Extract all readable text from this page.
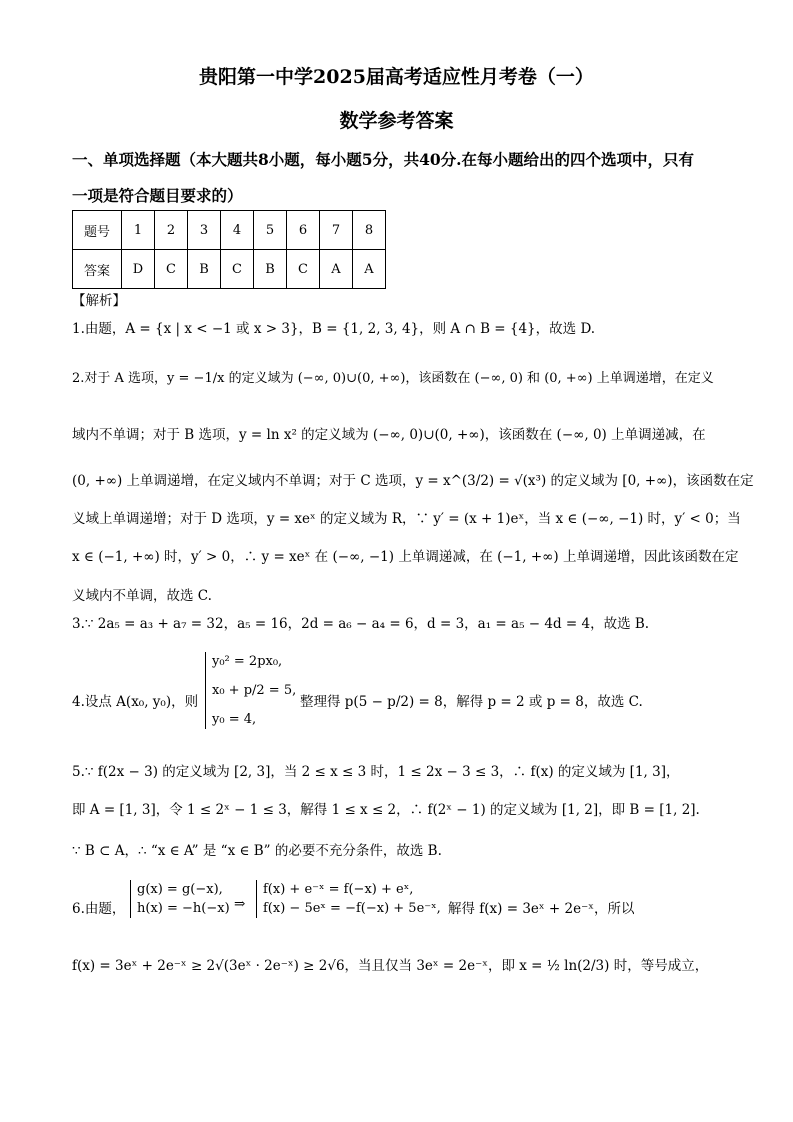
贵阳第一中学2025届高考适应性月考卷（一）
数学参考答案
一、单项选择题（本大题共8小题，每小题5分，共40分.在每小题给出的四个选项中，只有
一项是符合题目要求的）
题号	1	2	3	4	5	6	7	8
答案	D	C	B	C	B	C	A	A
【解析】
1.由题，A = {x | x < −1 或 x > 3}，B = {1, 2, 3, 4}，则 A ∩ B = {4}，故选 D.
2.对于 A 选项，y = −1/x 的定义域为 (−∞, 0)∪(0, +∞)，该函数在 (−∞, 0) 和 (0, +∞) 上单调递增，在定义
域内不单调；对于 B 选项，y = ln x² 的定义域为 (−∞, 0)∪(0, +∞)，该函数在 (−∞, 0) 上单调递减，在
(0, +∞) 上单调递增，在定义域内不单调；对于 C 选项，y = x^(3/2) = √(x³) 的定义域为 [0, +∞)，该函数在定
义域上单调递增；对于 D 选项，y = xeˣ 的定义域为 R，∵ y′ = (x + 1)eˣ，当 x ∈ (−∞, −1) 时，y′ < 0；当
x ∈ (−1, +∞) 时，y′ > 0，∴ y = xeˣ 在 (−∞, −1) 上单调递减，在 (−1, +∞) 上单调递增，因此该函数在定
义域内不单调，故选 C.
3.∵ 2a₅ = a₃ + a₇ = 32，a₅ = 16，2d = a₆ − a₄ = 6，d = 3，a₁ = a₅ − 4d = 4，故选 B.
4.设点 A(x₀, y₀)，则
y₀² = 2px₀,
x₀ + p/2 = 5,
y₀ = 4,
整理得 p(5 − p/2) = 8，解得 p = 2 或 p = 8，故选 C.
5.∵ f(2x − 3) 的定义域为 [2, 3]，当 2 ≤ x ≤ 3 时，1 ≤ 2x − 3 ≤ 3，∴ f(x) 的定义域为 [1, 3]，
即 A = [1, 3]，令 1 ≤ 2ˣ − 1 ≤ 3，解得 1 ≤ x ≤ 2，∴ f(2ˣ − 1) 的定义域为 [1, 2]，即 B = [1, 2].
∵ B ⊂ A，∴ “x ∈ A” 是 “x ∈ B” 的必要不充分条件，故选 B.
6.由题，
g(x) = g(−x),
h(x) = −h(−x) ⇒
f(x) + e⁻ˣ = f(−x) + eˣ,
f(x) − 5eˣ = −f(−x) + 5e⁻ˣ, 解得 f(x) = 3eˣ + 2e⁻ˣ，所以
f(x) = 3eˣ + 2e⁻ˣ ≥ 2√(3eˣ · 2e⁻ˣ) ≥ 2√6，当且仅当 3eˣ = 2e⁻ˣ，即 x = ½ ln(2/3) 时，等号成立，
